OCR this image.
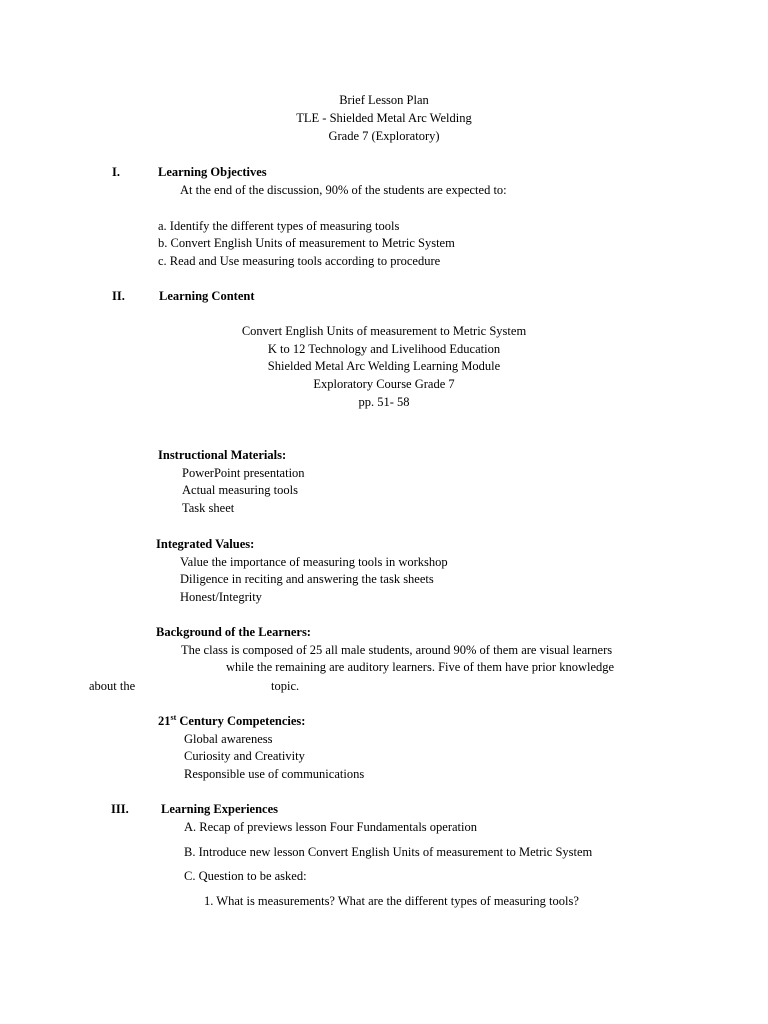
Brief Lesson Plan
TLE - Shielded Metal Arc Welding
Grade 7 (Exploratory)
I.	Learning Objectives
At the end of the discussion, 90% of the students are expected to:
a. Identify the different types of measuring tools
b. Convert English Units of measurement to Metric System
c. Read and Use measuring tools according to procedure
II.	Learning Content
Convert English Units of measurement to Metric System
K to 12 Technology and Livelihood Education
Shielded Metal Arc Welding Learning Module
Exploratory Course Grade 7
pp. 51- 58
Instructional Materials:
PowerPoint presentation
Actual measuring tools
Task sheet
Integrated Values:
Value the importance of measuring tools in workshop
Diligence in reciting and answering the task sheets
Honest/Integrity
Background of the Learners:
The class is composed of 25 all male students, around 90% of them are visual learners
while the remaining are auditory learners. Five of them have prior knowledge
about the	topic.
21st Century Competencies:
Global awareness
Curiosity and Creativity
Responsible use of communications
III.	Learning Experiences
A. Recap of previews lesson Four Fundamentals operation
B. Introduce new lesson Convert English Units of measurement to Metric System
C. Question to be asked:
1. What is measurements? What are the different types of measuring tools?
